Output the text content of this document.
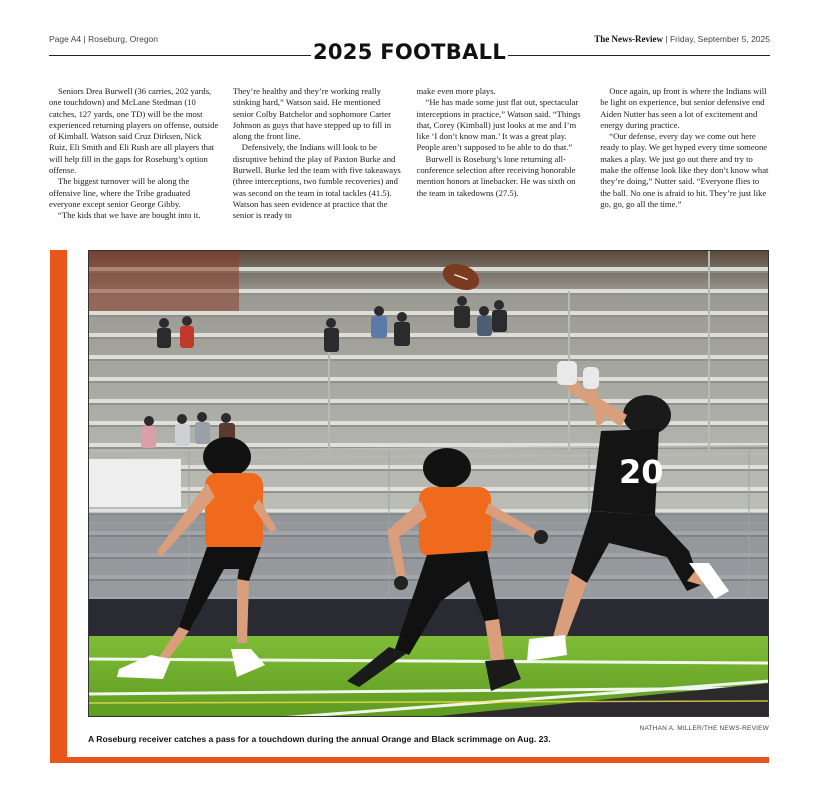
Page A4 | Roseburg, Oregon	The News-Review | Friday, September 5, 2025
2025 FOOTBALL

Seniors Drea Burwell (36 carries, 202 yards, one touchdown) and McLane Stedman (10 catches, 127 yards, one TD) will be the most experienced returning players on offense, outside of Kimball. Watson said Cruz Dirksen, Nick Ruiz, Eli Smith and Eli Rush are all players that will help fill in the gaps for Roseburg’s option offense.

The biggest turnover will be along the offensive line, where the Tribe graduated everyone except senior George Gibby.

“The kids that we have are bought into it.

They’re healthy and they’re working really stinking hard,” Watson said. He mentioned senior Colby Batchelor and sophomore Carter Johnson as guys that have stepped up to fill in along the front line.

Defensively, the Indians will look to be disruptive behind the play of Paxton Burke and Burwell. Burke led the team with five takeaways (three interceptions, two fumble recoveries) and was second on the team in total tackles (41.5). Watson has seen evidence at practice that the senior is ready to

make even more plays.

“He has made some just flat out, spectacular interceptions in practice,” Watson said. “Things that, Corey (Kimball) just looks at me and I’m like ‘I don’t know man.’ It was a great play. People aren’t supposed to be able to do that.”

Burwell is Roseburg’s lone returning all-conference selection after receiving honorable mention honors at linebacker. He was sixth on the team in takedowns (27.5).

Once again, up front is where the Indians will be light on experience, but senior defensive end Aiden Nutter has seen a lot of excitement and energy during practice.

“Our defense, every day we come out here ready to play. We get hyped every time someone makes a play. We just go out there and try to make the offense look like they don’t know what they’re doing,” Nutter said. “Everyone flies to the ball. No one is afraid to hit. They’re just like go, go, go all the time.”

20
NATHAN A. MILLER/THE NEWS-REVIEW
A Roseburg receiver catches a pass for a touchdown during the annual Orange and Black scrimmage on Aug. 23.
